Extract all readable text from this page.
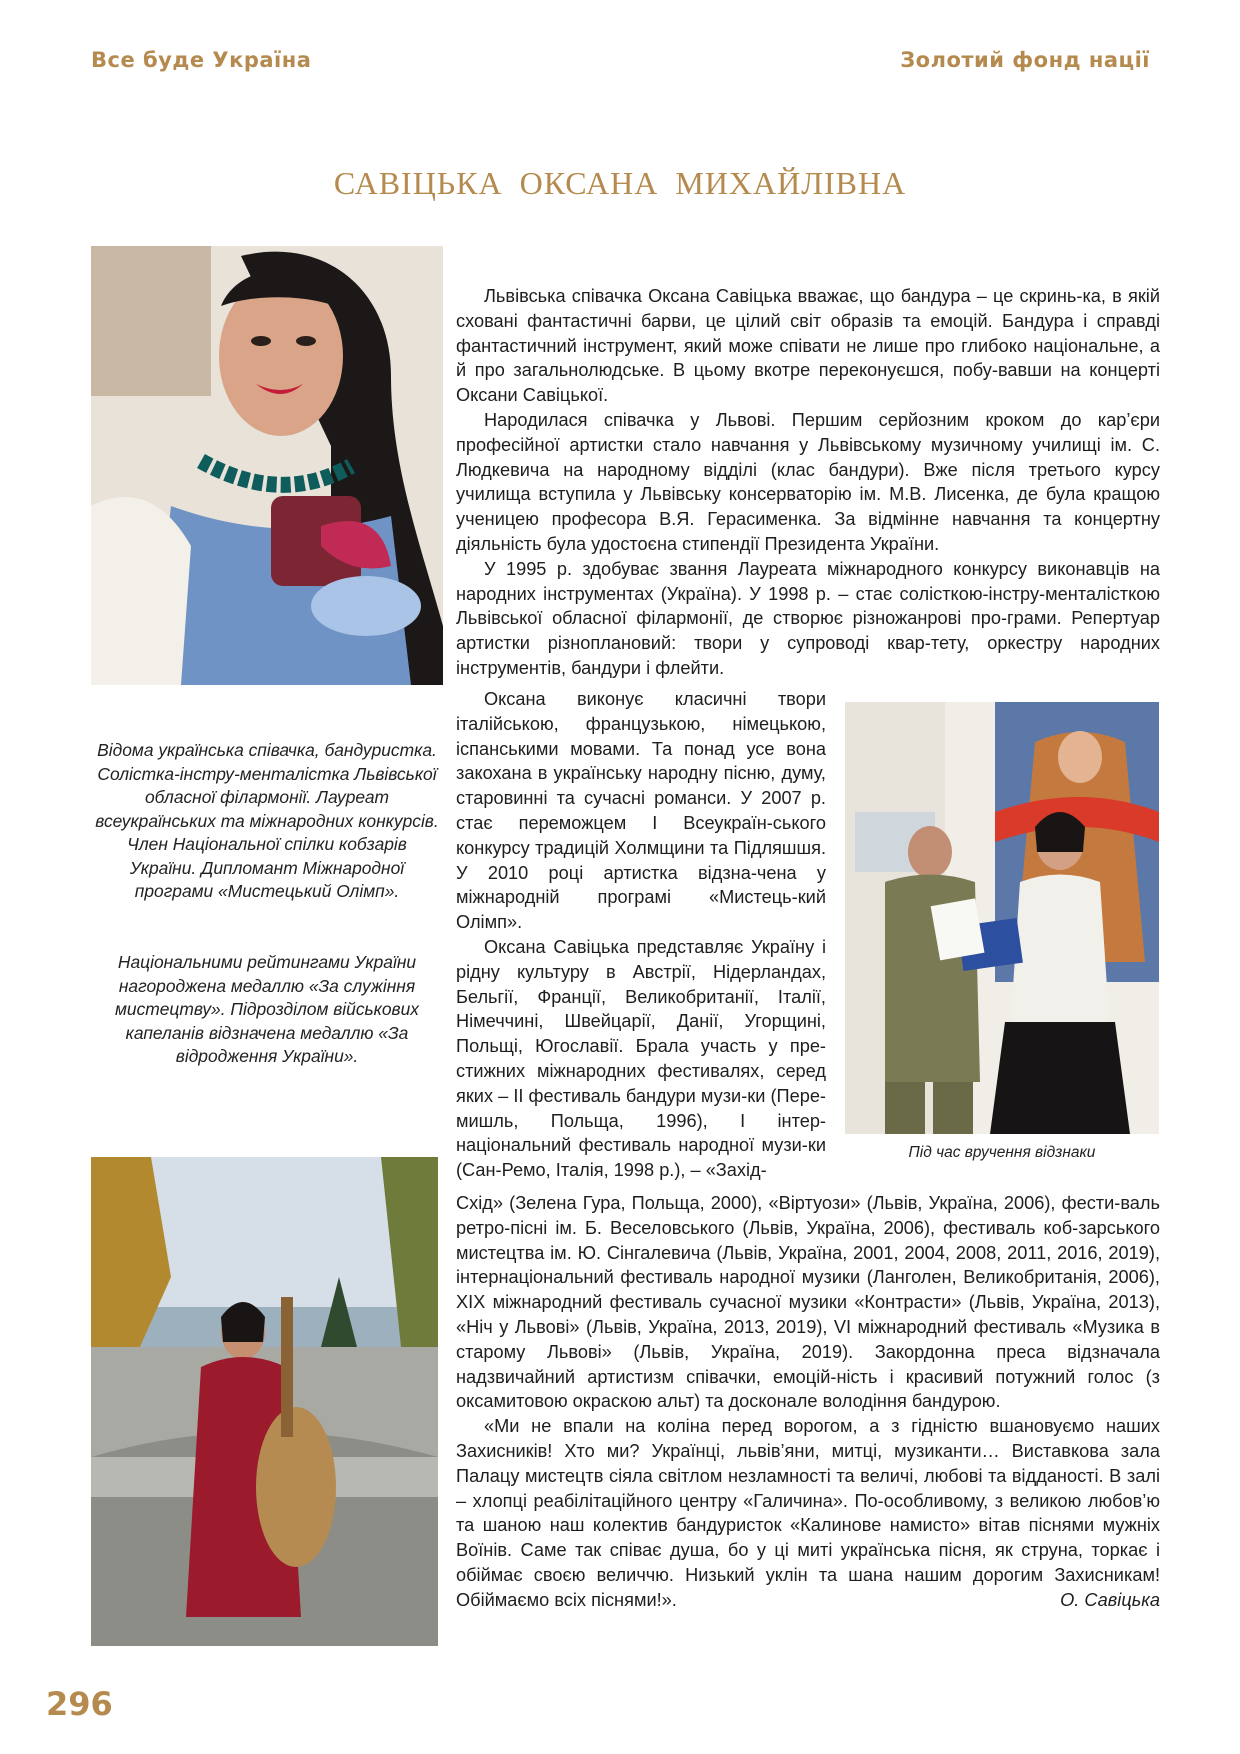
Все буде Україна	Золотий фонд нації
САВІЦЬКА ОКСАНА МИХАЙЛІВНА

Відома українська співачка, бандуристка. Солістка-інстру-менталістка Львівської обласної філармонії. Лауреат всеукраїнських та міжнародних конкурсів. Член Національної спілки кобзарів України. Дипломант Міжнародної програми «Мистецький Олімп».

Національними рейтингами України нагороджена медаллю «За служіння мистецтву». Підрозділом військових капеланів відзначена медаллю «За відродження України».

Львівська співачка Оксана Савіцька вважає, що бандура – це скринь-ка, в якій сховані фантастичні барви, це цілий світ образів та емоцій. Бандура і справді фантастичний інструмент, який може співати не лише про глибоко національне, а й про загальнолюдське. В цьому вкотре переконуєшся, побу-вавши на концерті Оксани Савіцької.

Народилася співачка у Львові. Першим серйозним кроком до кар’єри професійної артистки стало навчання у Львівському музичному училищі ім. С. Людкевича на народному відділі (клас бандури). Вже після третього курсу училища вступила у Львівську консерваторію ім. М.В. Лисенка, де була кращою ученицею професора В.Я. Герасименка. За відмінне навчання та концертну діяльність була удостоєна стипендії Президента України.

У 1995 р. здобуває звання Лауреата міжнародного конкурсу виконавців на народних інструментах (Україна). У 1998 р. – стає солісткою-інстру-менталісткою Львівської обласної філармонії, де створює різножанрові про-грами. Репертуар артистки різноплановий: твори у супроводі квар-тету, оркестру народних інструментів, бандури і флейти.

Оксана виконує класичні твори італійською, французькою, німецькою, іспанськими мовами. Та понад усе вона закохана в українську народну пісню, думу, старовинні та сучасні романси. У 2007 р. стає переможцем І Всеукраїн-ського конкурсу традицій Холмщини та Підляшшя. У 2010 році артистка відзна-чена у міжнародній програмі «Мистець-кий Олімп».

Оксана Савіцька представляє Україну і рідну культуру в Австрії, Нідерландах, Бельгії, Франції, Великобританії, Італії, Німеччині, Швейцарії, Данії, Угорщині, Польщі, Югославії. Брала участь у пре-стижних міжнародних фестивалях, серед яких – ІІ фестиваль бандури музи-ки (Пере-мишль, Польща, 1996), І інтер-національний фестиваль народної музи-ки (Сан-Ремо, Італія, 1998 р.), – «Захід-

Під час вручення відзнаки

Схід» (Зелена Гура, Польща, 2000), «Віртуози» (Львів, Україна, 2006), фести-валь ретро-пісні ім. Б. Веселовського (Львів, Україна, 2006), фестиваль коб-зарського мистецтва ім. Ю. Сінгалевича (Львів, Україна, 2001, 2004, 2008, 2011, 2016, 2019), інтернаціональний фестиваль народної музики (Ланголен, Великобританія, 2006), ХІХ міжнародний фестиваль сучасної музики «Контрасти» (Львів, Україна, 2013), «Ніч у Львові» (Львів, Україна, 2013, 2019), VI міжнародний фестиваль «Музика в старому Львові» (Львів, Україна, 2019). Закордонна преса відзначала надзвичайний артистизм співачки, емоцій-ність і красивий потужний голос (з оксамитовою окраскою альт) та досконале володіння бандурою.

«Ми не впали на коліна перед ворогом, а з гідністю вшановуємо наших Захисників! Хто ми? Українці, львів’яни, митці, музиканти… Виставкова зала Палацу мистецтв сіяла світлом незламності та величі, любові та відданості. В залі – хлопці реабілітаційного центру «Галичина». По-особливому, з великою любов’ю та шаною наш колектив бандуристок «Калинове намисто» вітав піснями мужніх Воїнів. Саме так співає душа, бо у ці миті українська пісня, як струна, торкає і обіймає своєю величчю. Низький уклін та шана нашим дорогим Захисникам! Обіймаємо всіх піснями!».	О. Савіцька

296
